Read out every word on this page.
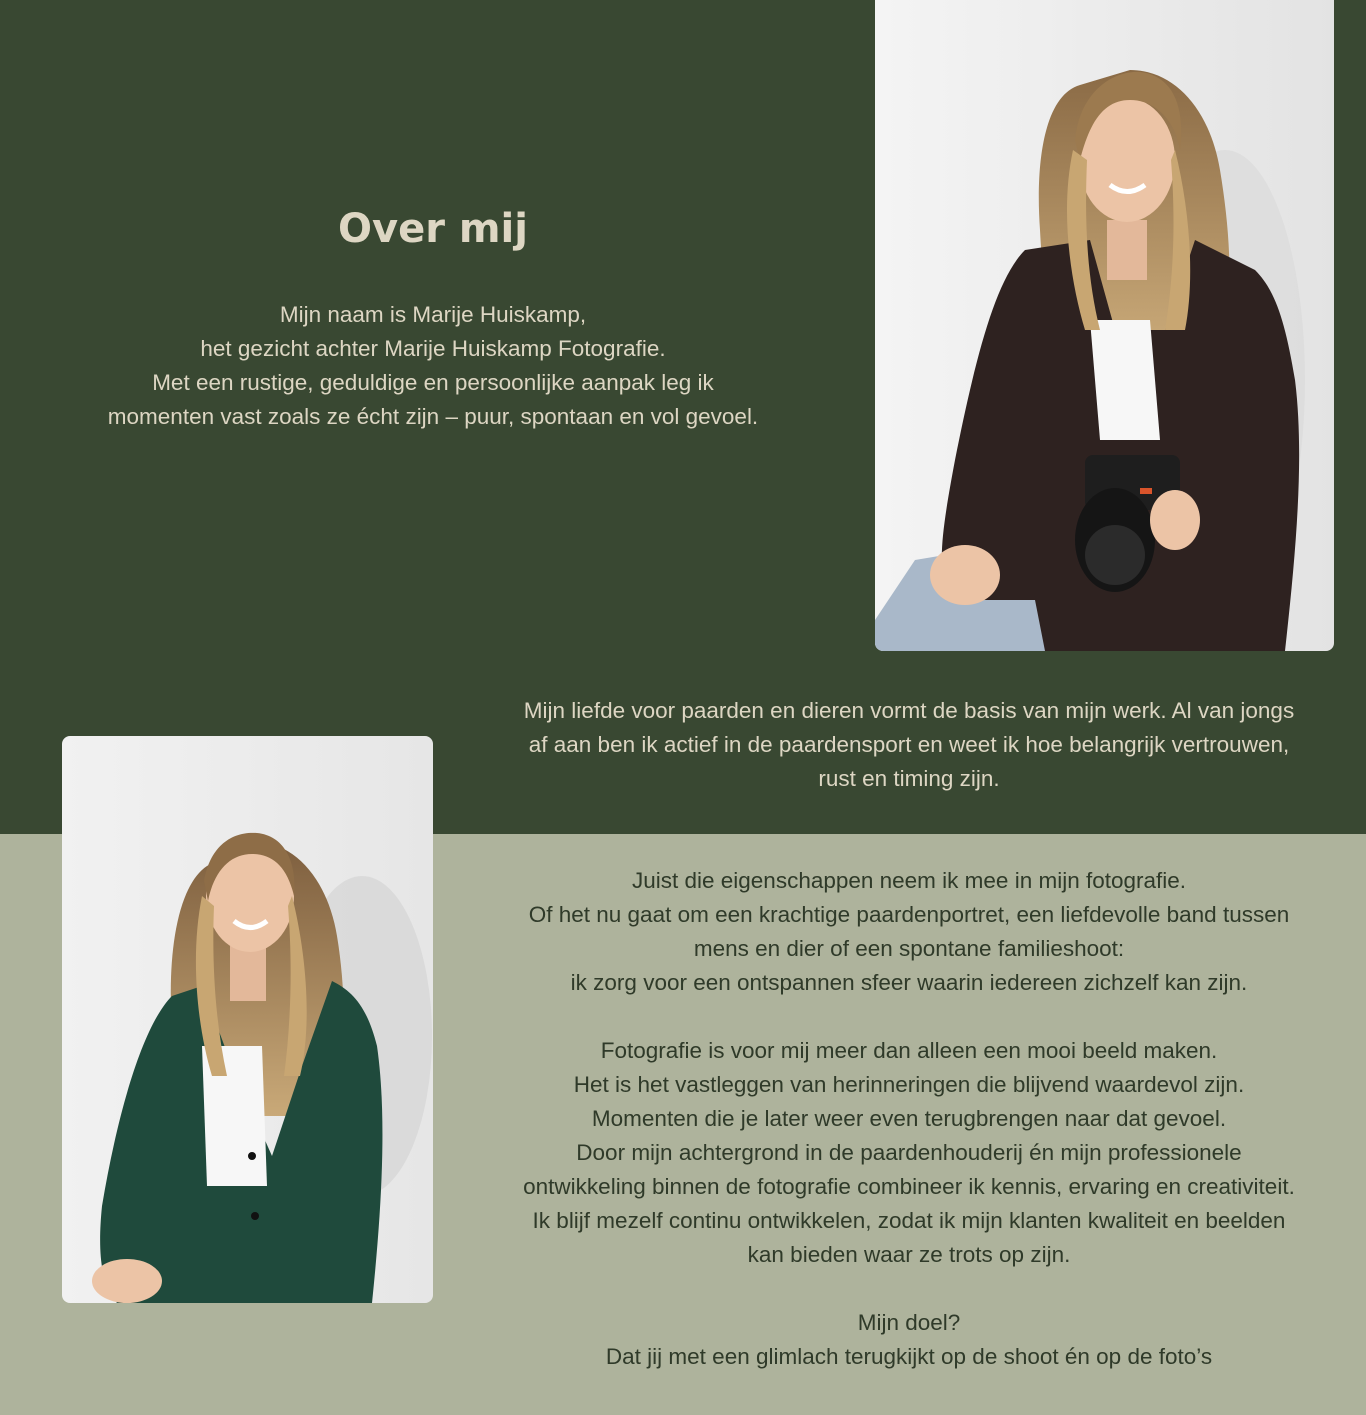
Over mij
Mijn naam is Marije Huiskamp,
het gezicht achter Marije Huiskamp Fotografie.
Met een rustige, geduldige en persoonlijke aanpak leg ik
momenten vast zoals ze écht zijn – puur, spontaan en vol gevoel.
Mijn liefde voor paarden en dieren vormt de basis van mijn werk. Al van jongs
af aan ben ik actief in de paardensport en weet ik hoe belangrijk vertrouwen,
rust en timing zijn.
Juist die eigenschappen neem ik mee in mijn fotografie.
Of het nu gaat om een krachtige paardenportret, een liefdevolle band tussen
mens en dier of een spontane familieshoot:
ik zorg voor een ontspannen sfeer waarin iedereen zichzelf kan zijn.
Fotografie is voor mij meer dan alleen een mooi beeld maken.
Het is het vastleggen van herinneringen die blijvend waardevol zijn.
Momenten die je later weer even terugbrengen naar dat gevoel.
Door mijn achtergrond in de paardenhouderij én mijn professionele
ontwikkeling binnen de fotografie combineer ik kennis, ervaring en creativiteit.
Ik blijf mezelf continu ontwikkelen, zodat ik mijn klanten kwaliteit en beelden
kan bieden waar ze trots op zijn.
Mijn doel?
Dat jij met een glimlach terugkijkt op de shoot én op de foto’s
